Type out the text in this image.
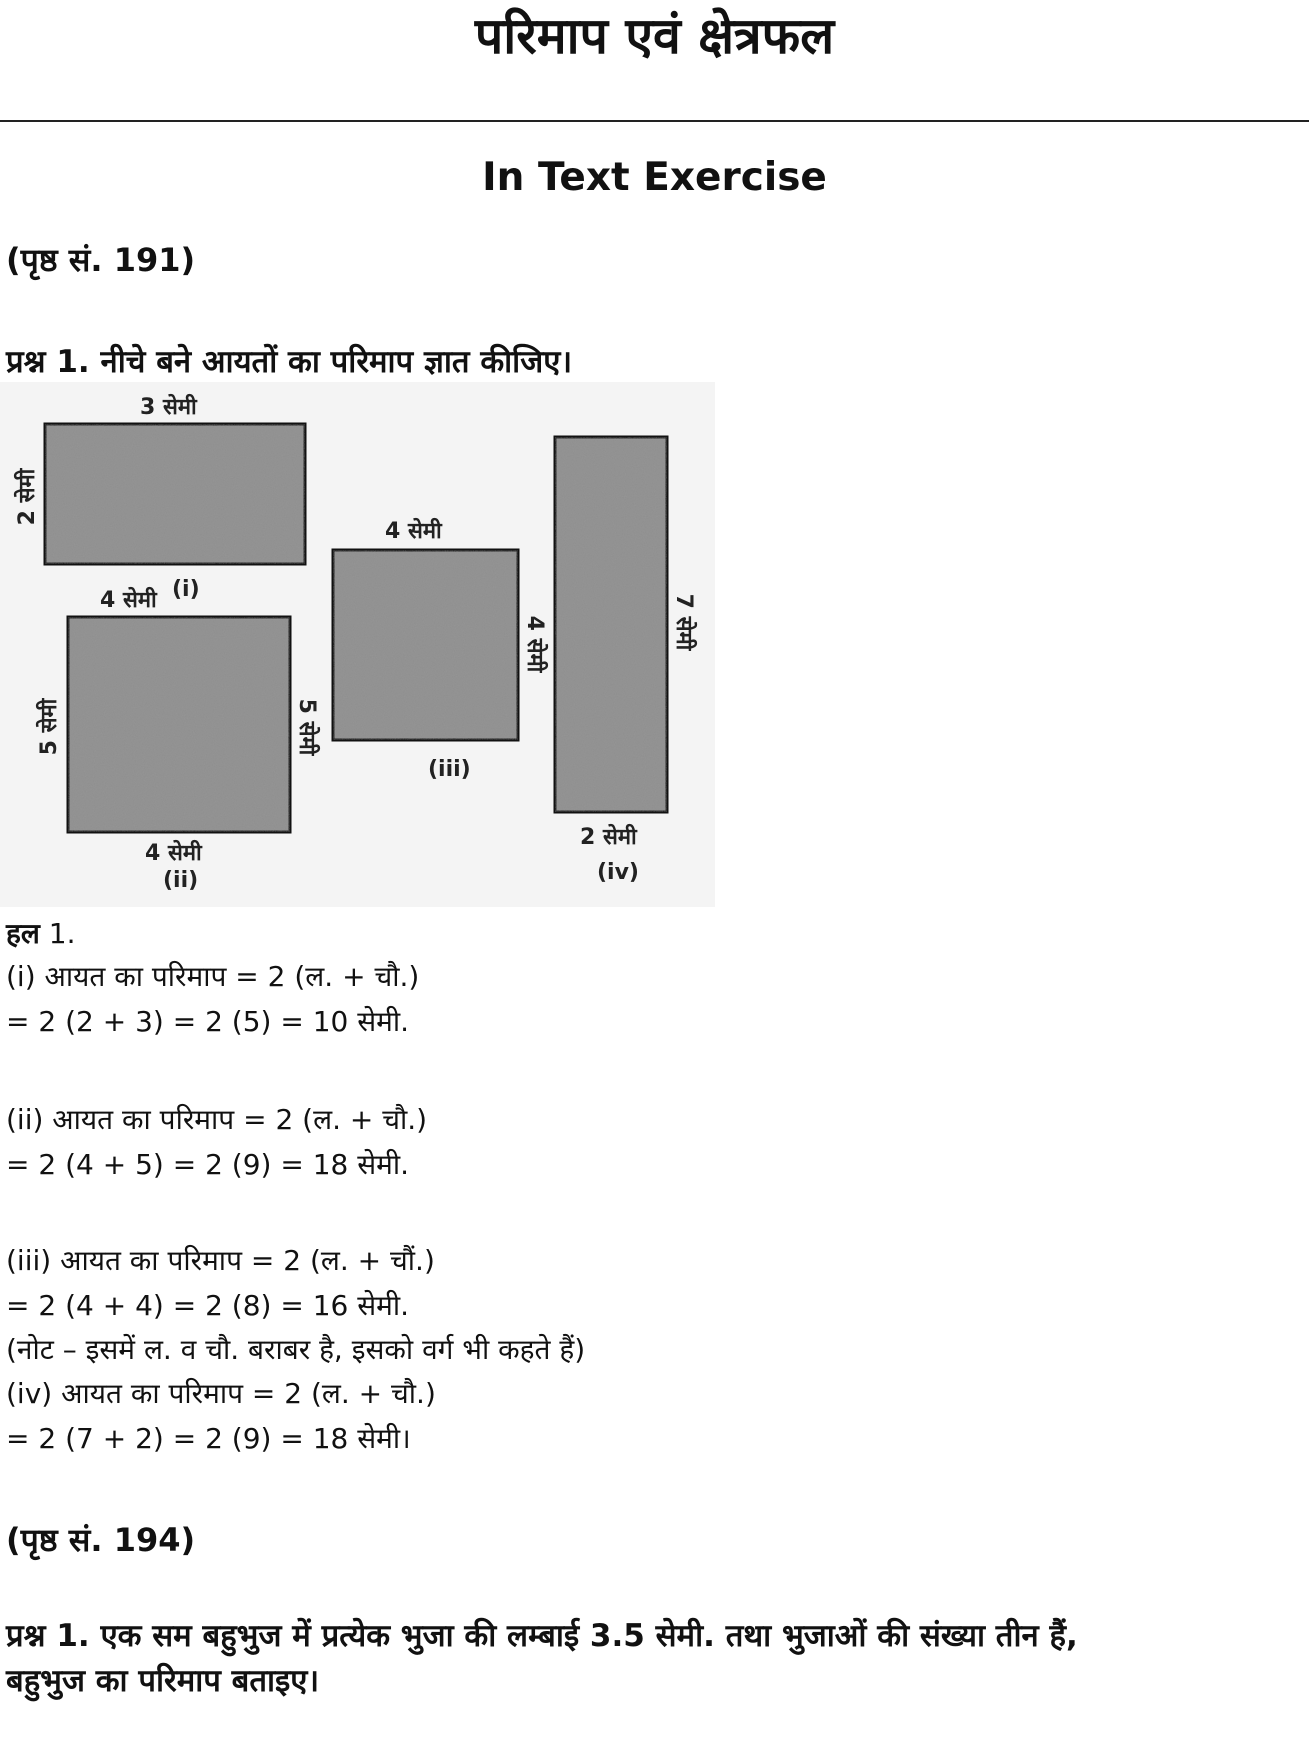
परिमाप एवं क्षेत्रफल
In Text Exercise
(पृष्ठ सं. 191)
प्रश्न 1. नीचे बने आयतों का परिमाप ज्ञात कीजिए।
3 सेमी
2 सेमी
(i)
4 सेमी
5 सेमी	5 सेमी
4 सेमी
(ii)
4 सेमी
4 सेमी
(iii)
7 सेमी
2 सेमी
(iv)
हल 1.
(i) आयत का परिमाप = 2 (ल. + चौ.)
= 2 (2 + 3) = 2 (5) = 10 सेमी.
(ii) आयत का परिमाप = 2 (ल. + चौ.)
= 2 (4 + 5) = 2 (9) = 18 सेमी.
(iii) आयत का परिमाप = 2 (ल. + चौं.)
= 2 (4 + 4) = 2 (8) = 16 सेमी.
(नोट – इसमें ल. व चौ. बराबर है, इसको वर्ग भी कहते हैं)
(iv) आयत का परिमाप = 2 (ल. + चौ.)
= 2 (7 + 2) = 2 (9) = 18 सेमी।
(पृष्ठ सं. 194)
प्रश्न 1. एक सम बहुभुज में प्रत्येक भुजा की लम्बाई 3.5 सेमी. तथा भुजाओं की संख्या तीन हैं,
बहुभुज का परिमाप बताइए।
